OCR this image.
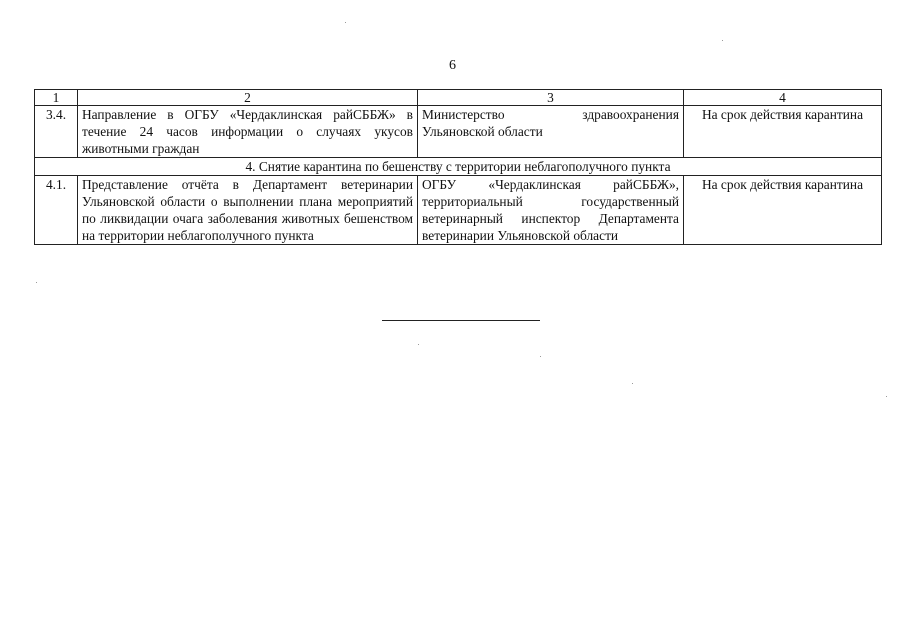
6
1	2	3	4
3.4.	Направление в ОГБУ «Чердаклинская райСББЖ» в течение 24 часов информации о случаях укусов животными граждан	Министерство здравоохранения Ульяновской области	На срок действия карантина
4. Снятие карантина по бешенству с территории неблагополучного пункта			
4.1.	Представление отчёта в Департамент ветеринарии Ульяновской области о выполнении плана мероприятий по ликвидации очага заболевания животных бешенством на территории неблагополучного пункта	ОГБУ «Чердаклинская райСББЖ», территориальный государственный ветеринарный инспектор Департамента ветеринарии Ульяновской области	На срок действия карантина
